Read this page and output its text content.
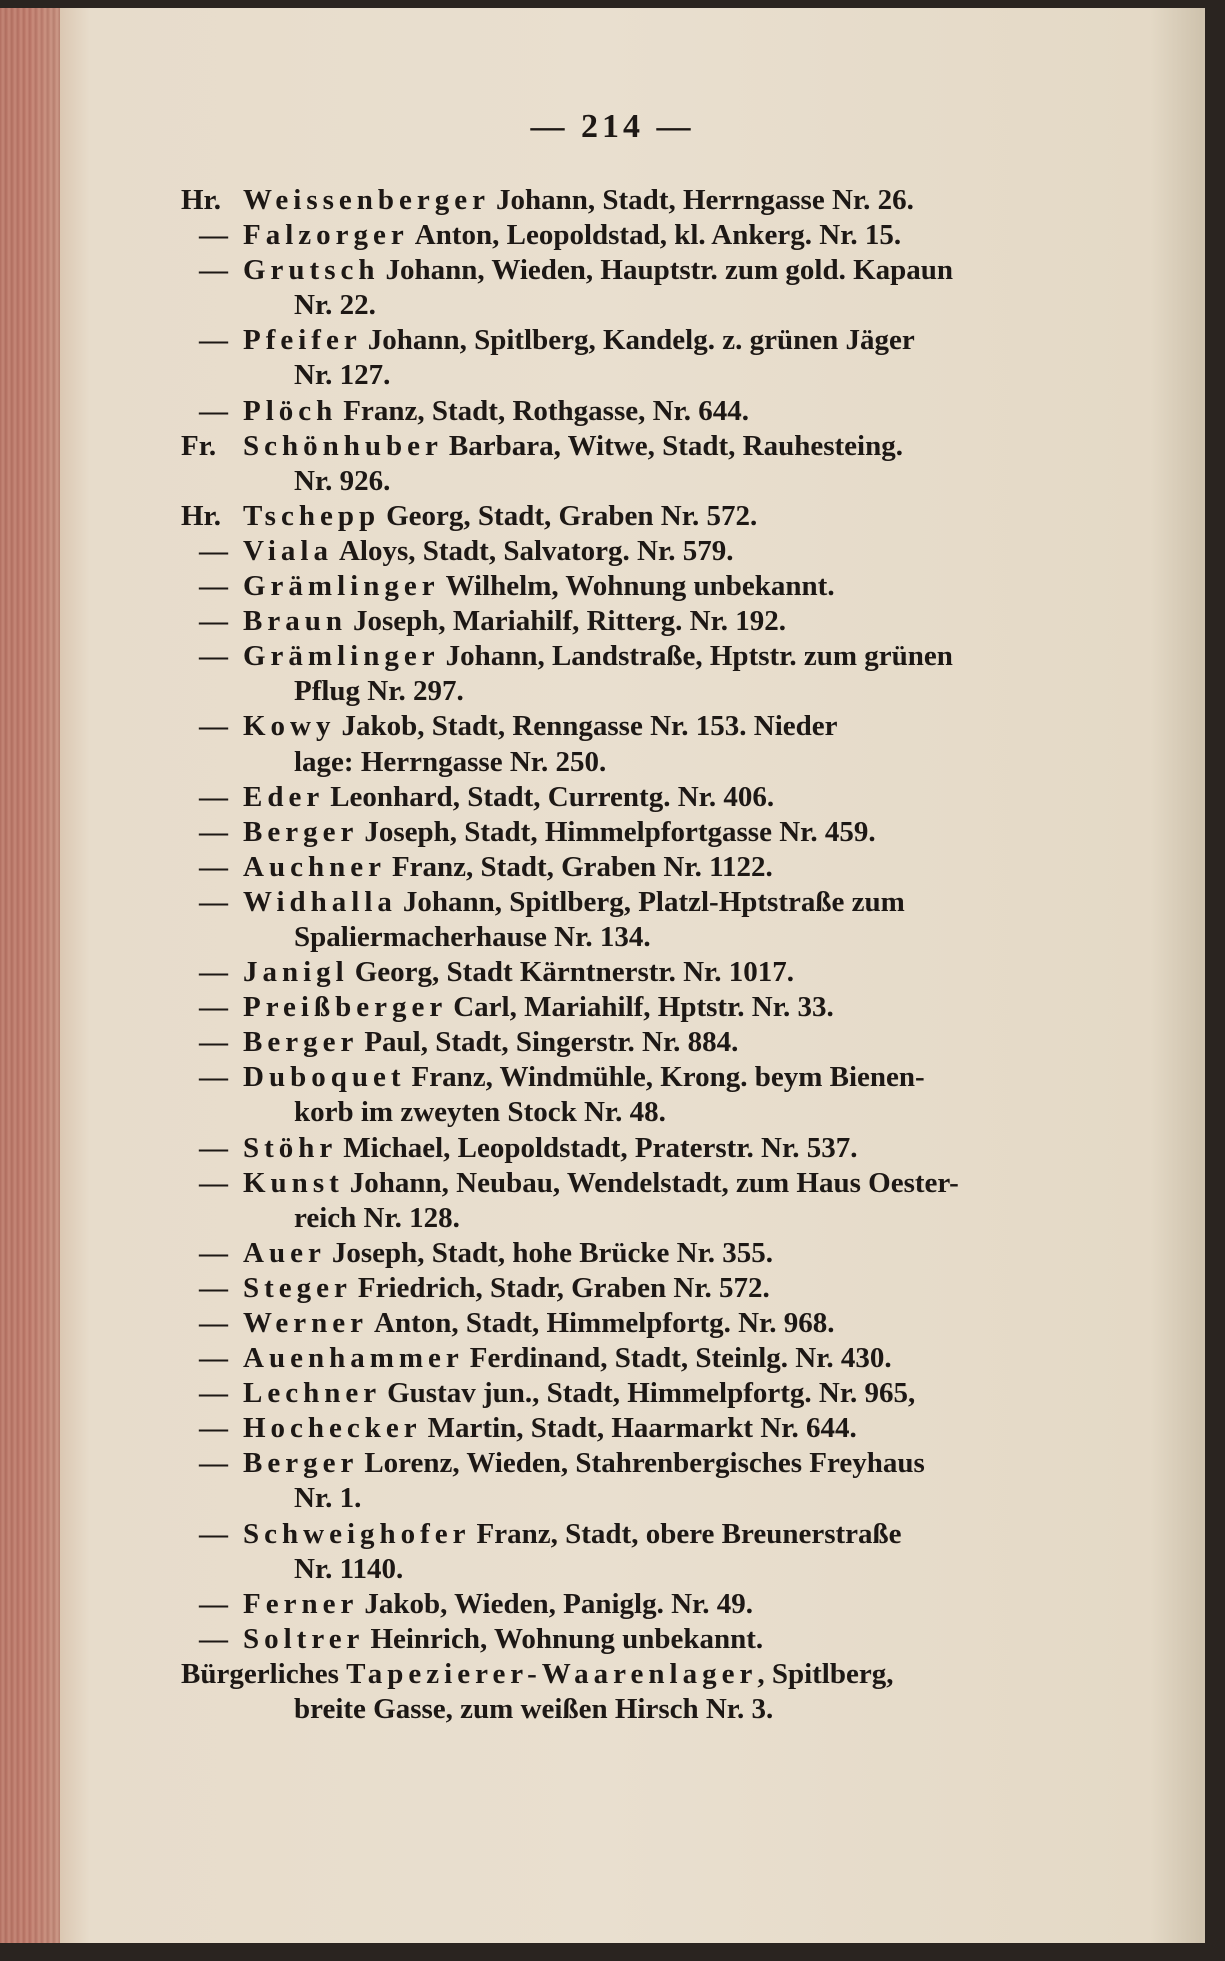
— 214 —
Hr. Weissenberger Johann, Stadt, Herrngasse Nr. 26.
— Falzorger Anton, Leopoldstad, kl. Ankerg. Nr. 15.
— Grutsch Johann, Wieden, Hauptstr. zum gold. Kapaun
Nr. 22.
— Pfeifer Johann, Spitlberg, Kandelg. z. grünen Jäger
Nr. 127.
— Plöch Franz, Stadt, Rothgasse, Nr. 644.
Fr. Schönhuber Barbara, Witwe, Stadt, Rauhesteing.
Nr. 926.
Hr. Tschepp Georg, Stadt, Graben Nr. 572.
— Viala Aloys, Stadt, Salvatorg. Nr. 579.
— Grämlinger Wilhelm, Wohnung unbekannt.
— Braun Joseph, Mariahilf, Ritterg. Nr. 192.
— Grämlinger Johann, Landstraße, Hptstr. zum grünen
Pflug Nr. 297.
— Kowy Jakob, Stadt, Renngasse Nr. 153. Nieder
lage: Herrngasse Nr. 250.
— Eder Leonhard, Stadt, Currentg. Nr. 406.
— Berger Joseph, Stadt, Himmelpfortgasse Nr. 459.
— Auchner Franz, Stadt, Graben Nr. 1122.
— Widhalla Johann, Spitlberg, Platzl-Hptstraße zum
Spaliermacherhause Nr. 134.
— Janigl Georg, Stadt Kärntnerstr. Nr. 1017.
— Preißberger Carl, Mariahilf, Hptstr. Nr. 33.
— Berger Paul, Stadt, Singerstr. Nr. 884.
— Duboquet Franz, Windmühle, Krong. beym Bienen-
korb im zweyten Stock Nr. 48.
— Stöhr Michael, Leopoldstadt, Praterstr. Nr. 537.
— Kunst Johann, Neubau, Wendelstadt, zum Haus Oester-
reich Nr. 128.
— Auer Joseph, Stadt, hohe Brücke Nr. 355.
— Steger Friedrich, Stadr, Graben Nr. 572.
— Werner Anton, Stadt, Himmelpfortg. Nr. 968.
— Auenhammer Ferdinand, Stadt, Steinlg. Nr. 430.
— Lechner Gustav jun., Stadt, Himmelpfortg. Nr. 965,
— Hochecker Martin, Stadt, Haarmarkt Nr. 644.
— Berger Lorenz, Wieden, Stahrenbergisches Freyhaus
Nr. 1.
— Schweighofer Franz, Stadt, obere Breunerstraße
Nr. 1140.
— Ferner Jakob, Wieden, Paniglg. Nr. 49.
— Soltrer Heinrich, Wohnung unbekannt.
Bürgerliches Tapezierer-Waarenlager, Spitlberg,
breite Gasse, zum weißen Hirsch Nr. 3.
